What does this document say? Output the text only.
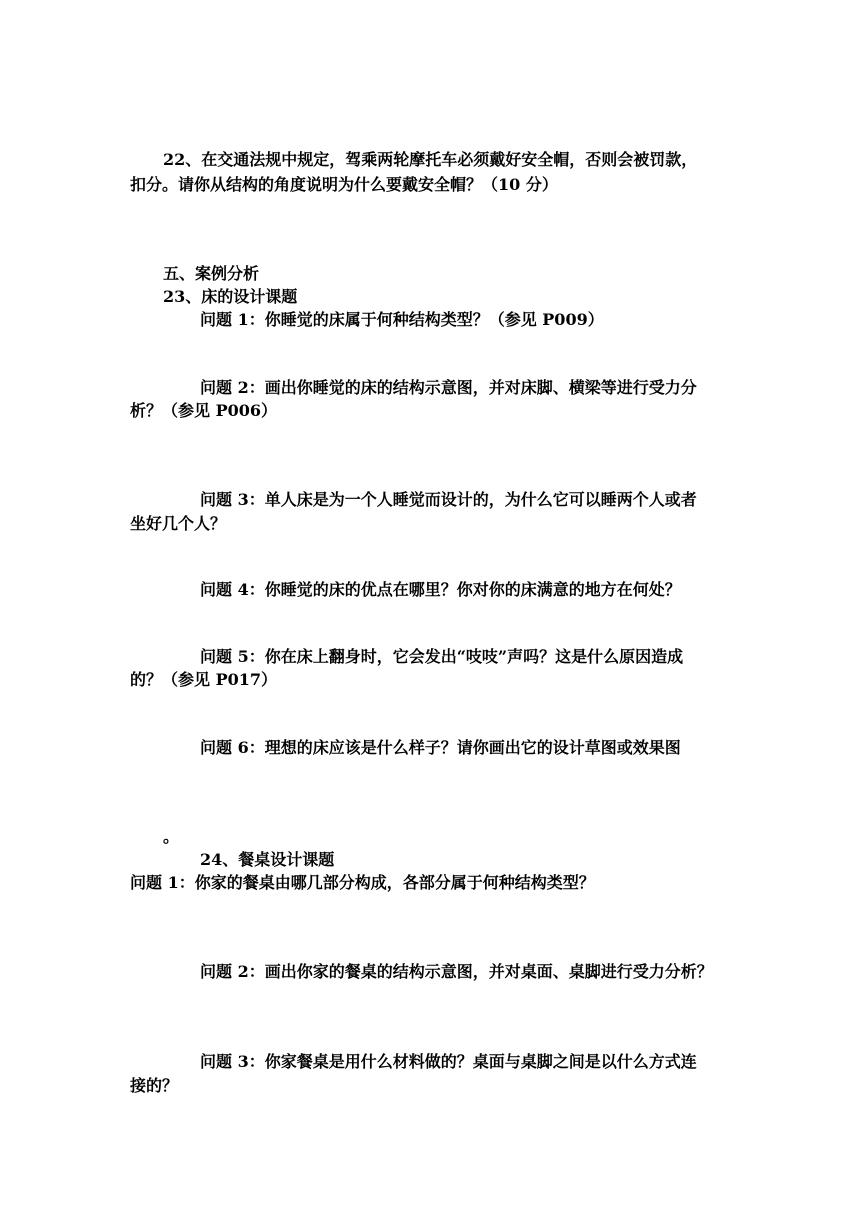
22、在交通法规中规定，驾乘两轮摩托车必须戴好安全帽，否则会被罚款，
扣分。请你从结构的角度说明为什么要戴安全帽？（10 分）
五、案例分析
23、床的设计课题
问题 1：你睡觉的床属于何种结构类型？（参见 P009）
问题 2：画出你睡觉的床的结构示意图，并对床脚、横梁等进行受力分
析？（参见 P006）
问题 3：单人床是为一个人睡觉而设计的，为什么它可以睡两个人或者
坐好几个人？
问题 4：你睡觉的床的优点在哪里？你对你的床满意的地方在何处？
问题 5：你在床上翻身时，它会发出“吱吱”声吗？这是什么原因造成
的？（参见 P017）
问题 6：理想的床应该是什么样子？请你画出它的设计草图或效果图
。
24、餐桌设计课题
问题 1：你家的餐桌由哪几部分构成，各部分属于何种结构类型？
问题 2：画出你家的餐桌的结构示意图，并对桌面、桌脚进行受力分析？
问题 3：你家餐桌是用什么材料做的？桌面与桌脚之间是以什么方式连
接的？
